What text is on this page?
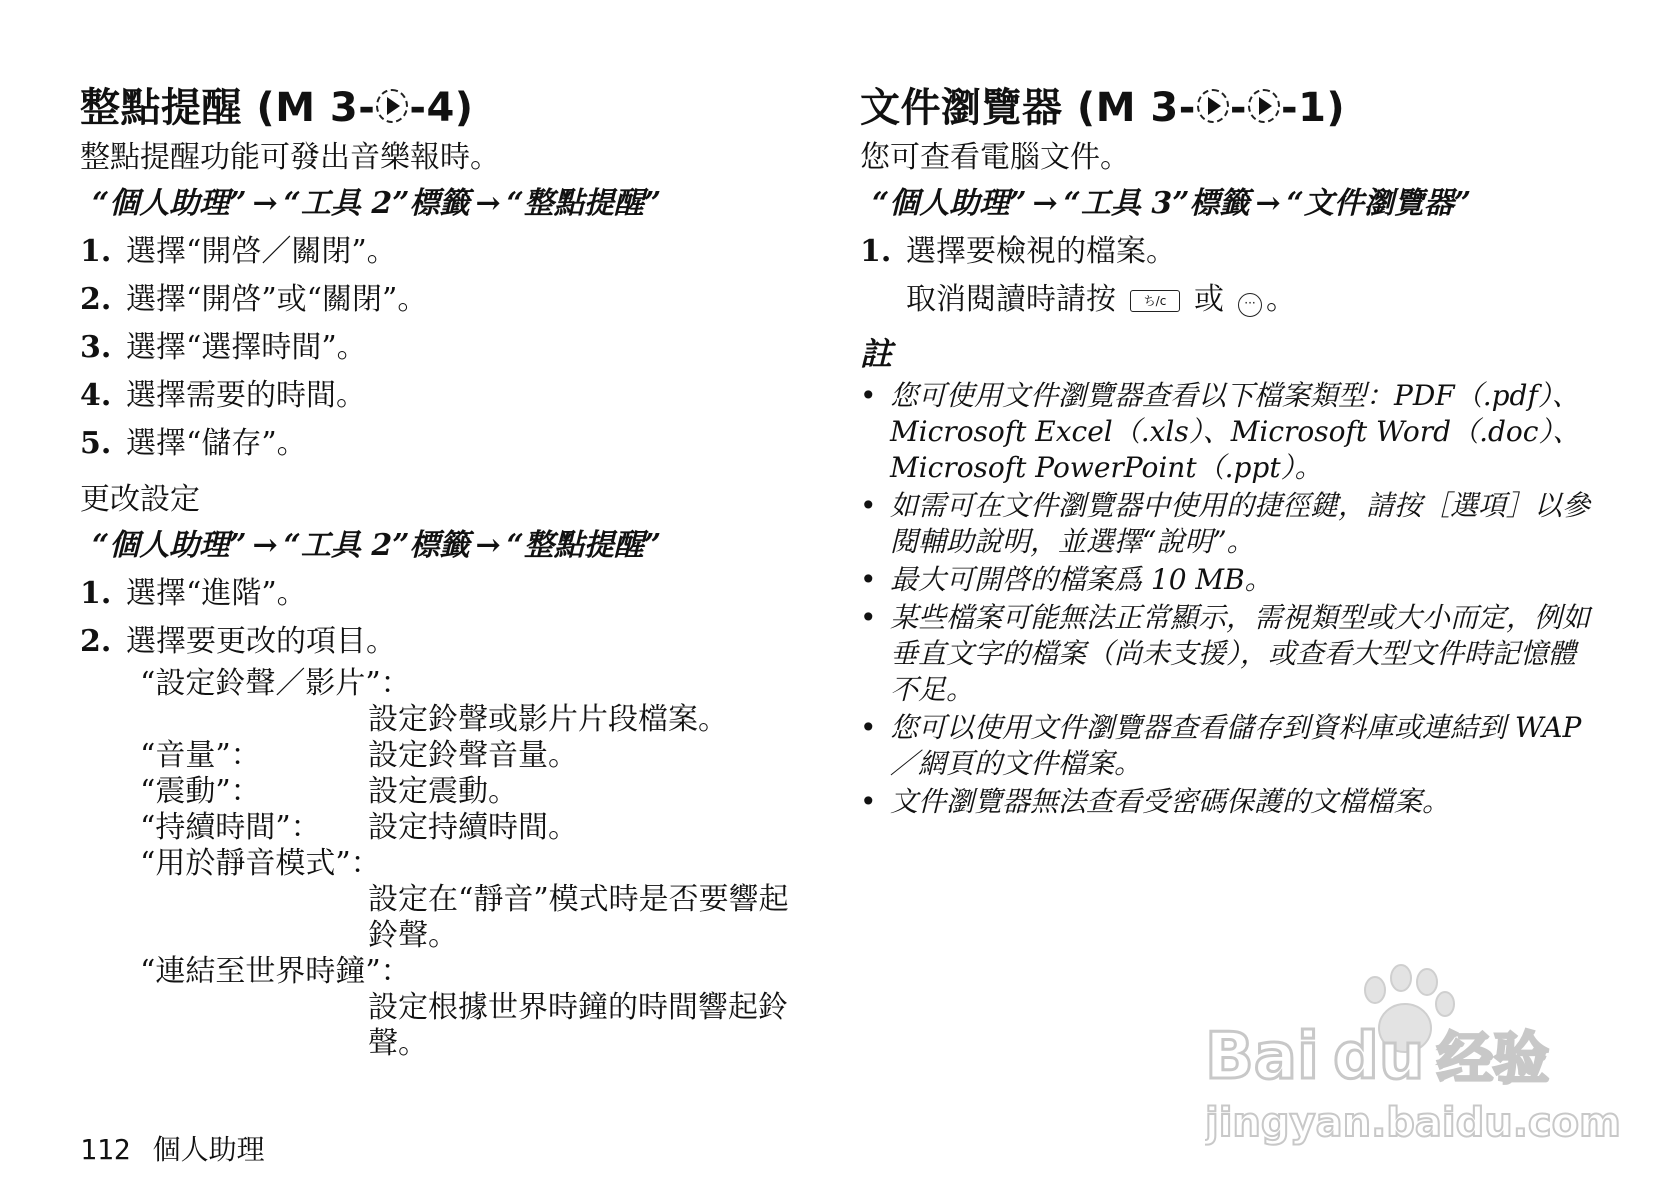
整點提醒 (M 3- -4)
整點提醒功能可發出音樂報時。
“個人助理” → “工具 2”標籤 → “整點提醒”
1. 選擇“開啓／關閉”。
2. 選擇“開啓”或“關閉”。
3. 選擇“選擇時間”。
4. 選擇需要的時間。
5. 選擇“儲存”。
更改設定
“個人助理” → “工具 2”標籤 → “整點提醒”
1. 選擇“進階”。
2. 選擇要更改的項目。
“設定鈴聲／影片”：
設定鈴聲或影片片段檔案。
“音量”：	設定鈴聲音量。
“震動”：	設定震動。
“持續時間”：	設定持續時間。
“用於靜音模式”：
設定在“靜音”模式時是否要響起鈴聲。
“連結至世界時鐘”：
設定根據世界時鐘的時間響起鈴聲。
文件瀏覽器 (M 3- - -1)
您可查看電腦文件。
“個人助理” → “工具 3”標籤 → “文件瀏覽器”
1. 選擇要檢視的檔案。
取消閱讀時請按 ち/c 或 ··· 。
註
• 您可使用文件瀏覽器查看以下檔案類型：PDF（.pdf）、Microsoft Excel（.xls）、Microsoft Word（.doc）、Microsoft PowerPoint（.ppt）。
• 如需可在文件瀏覽器中使用的捷徑鍵，請按［選項］以參閱輔助說明，並選擇“說明”。
• 最大可開啓的檔案爲 10 MB。
• 某些檔案可能無法正常顯示，需視類型或大小而定，例如垂直文字的檔案（尚未支援），或查看大型文件時記憶體不足。
• 您可以使用文件瀏覽器查看儲存到資料庫或連結到 WAP／網頁的文件檔案。
• 文件瀏覽器無法查看受密碼保護的文檔檔案。
112 個人助理
Bai du 经验
jingyan.baidu.com
